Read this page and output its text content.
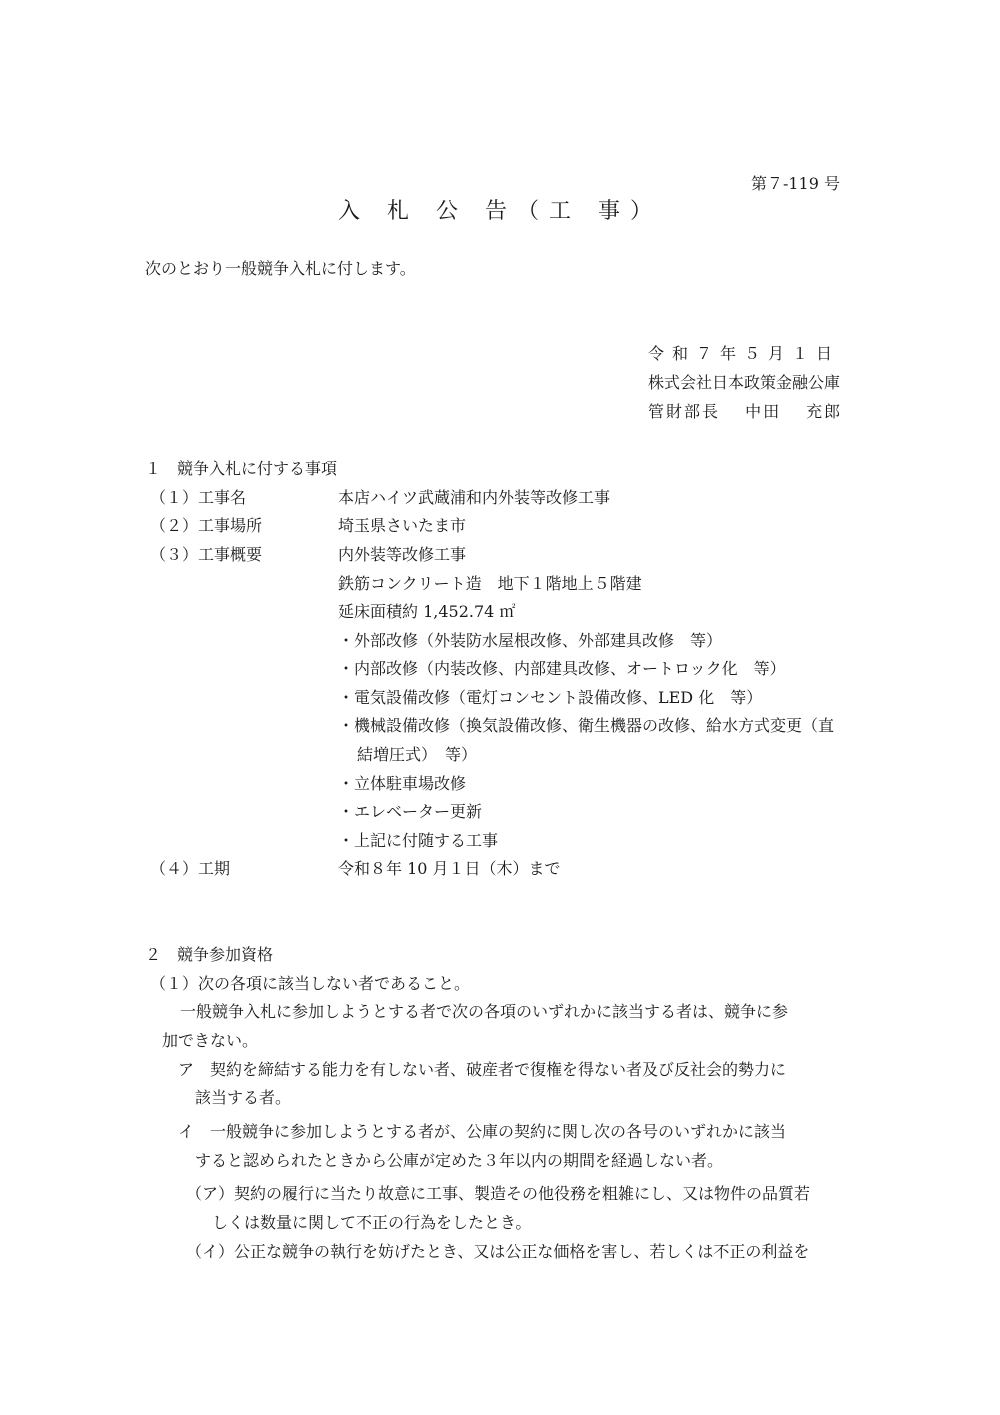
第７-119 号
入 札 公 告（工 事）
次のとおり一般競争入札に付します。
令和７年５月１日
株式会社日本政策金融公庫
管財部長　 中田　 充郎
１　競争入札に付する事項
（１）工事名	本店ハイツ武蔵浦和内外装等改修工事
（２）工事場所	埼玉県さいたま市
（３）工事概要	内外装等改修工事
鉄筋コンクリート造　地下１階地上５階建
延床面積約 1,452.74 ㎡
・外部改修（外装防水屋根改修、外部建具改修　等）
・内部改修（内装改修、内部建具改修、オートロック化　等）
・電気設備改修（電灯コンセント設備改修、LED 化　等）
・機械設備改修（換気設備改修、衛生機器の改修、給水方式変更（直
結増圧式）　等）
・立体駐車場改修
・エレベーター更新
・上記に付随する工事
（４）工期	令和８年 10 月１日（木）まで
２　競争参加資格
（１）次の各項に該当しない者であること。
一般競争入札に参加しようとする者で次の各項のいずれかに該当する者は、競争に参
加できない。
ア　契約を締結する能力を有しない者、破産者で復権を得ない者及び反社会的勢力に
該当する者。
イ　一般競争に参加しようとする者が、公庫の契約に関し次の各号のいずれかに該当
すると認められたときから公庫が定めた３年以内の期間を経過しない者。
（ア）契約の履行に当たり故意に工事、製造その他役務を粗雑にし、又は物件の品質若
しくは数量に関して不正の行為をしたとき。
（イ）公正な競争の執行を妨げたとき、又は公正な価格を害し、若しくは不正の利益を
